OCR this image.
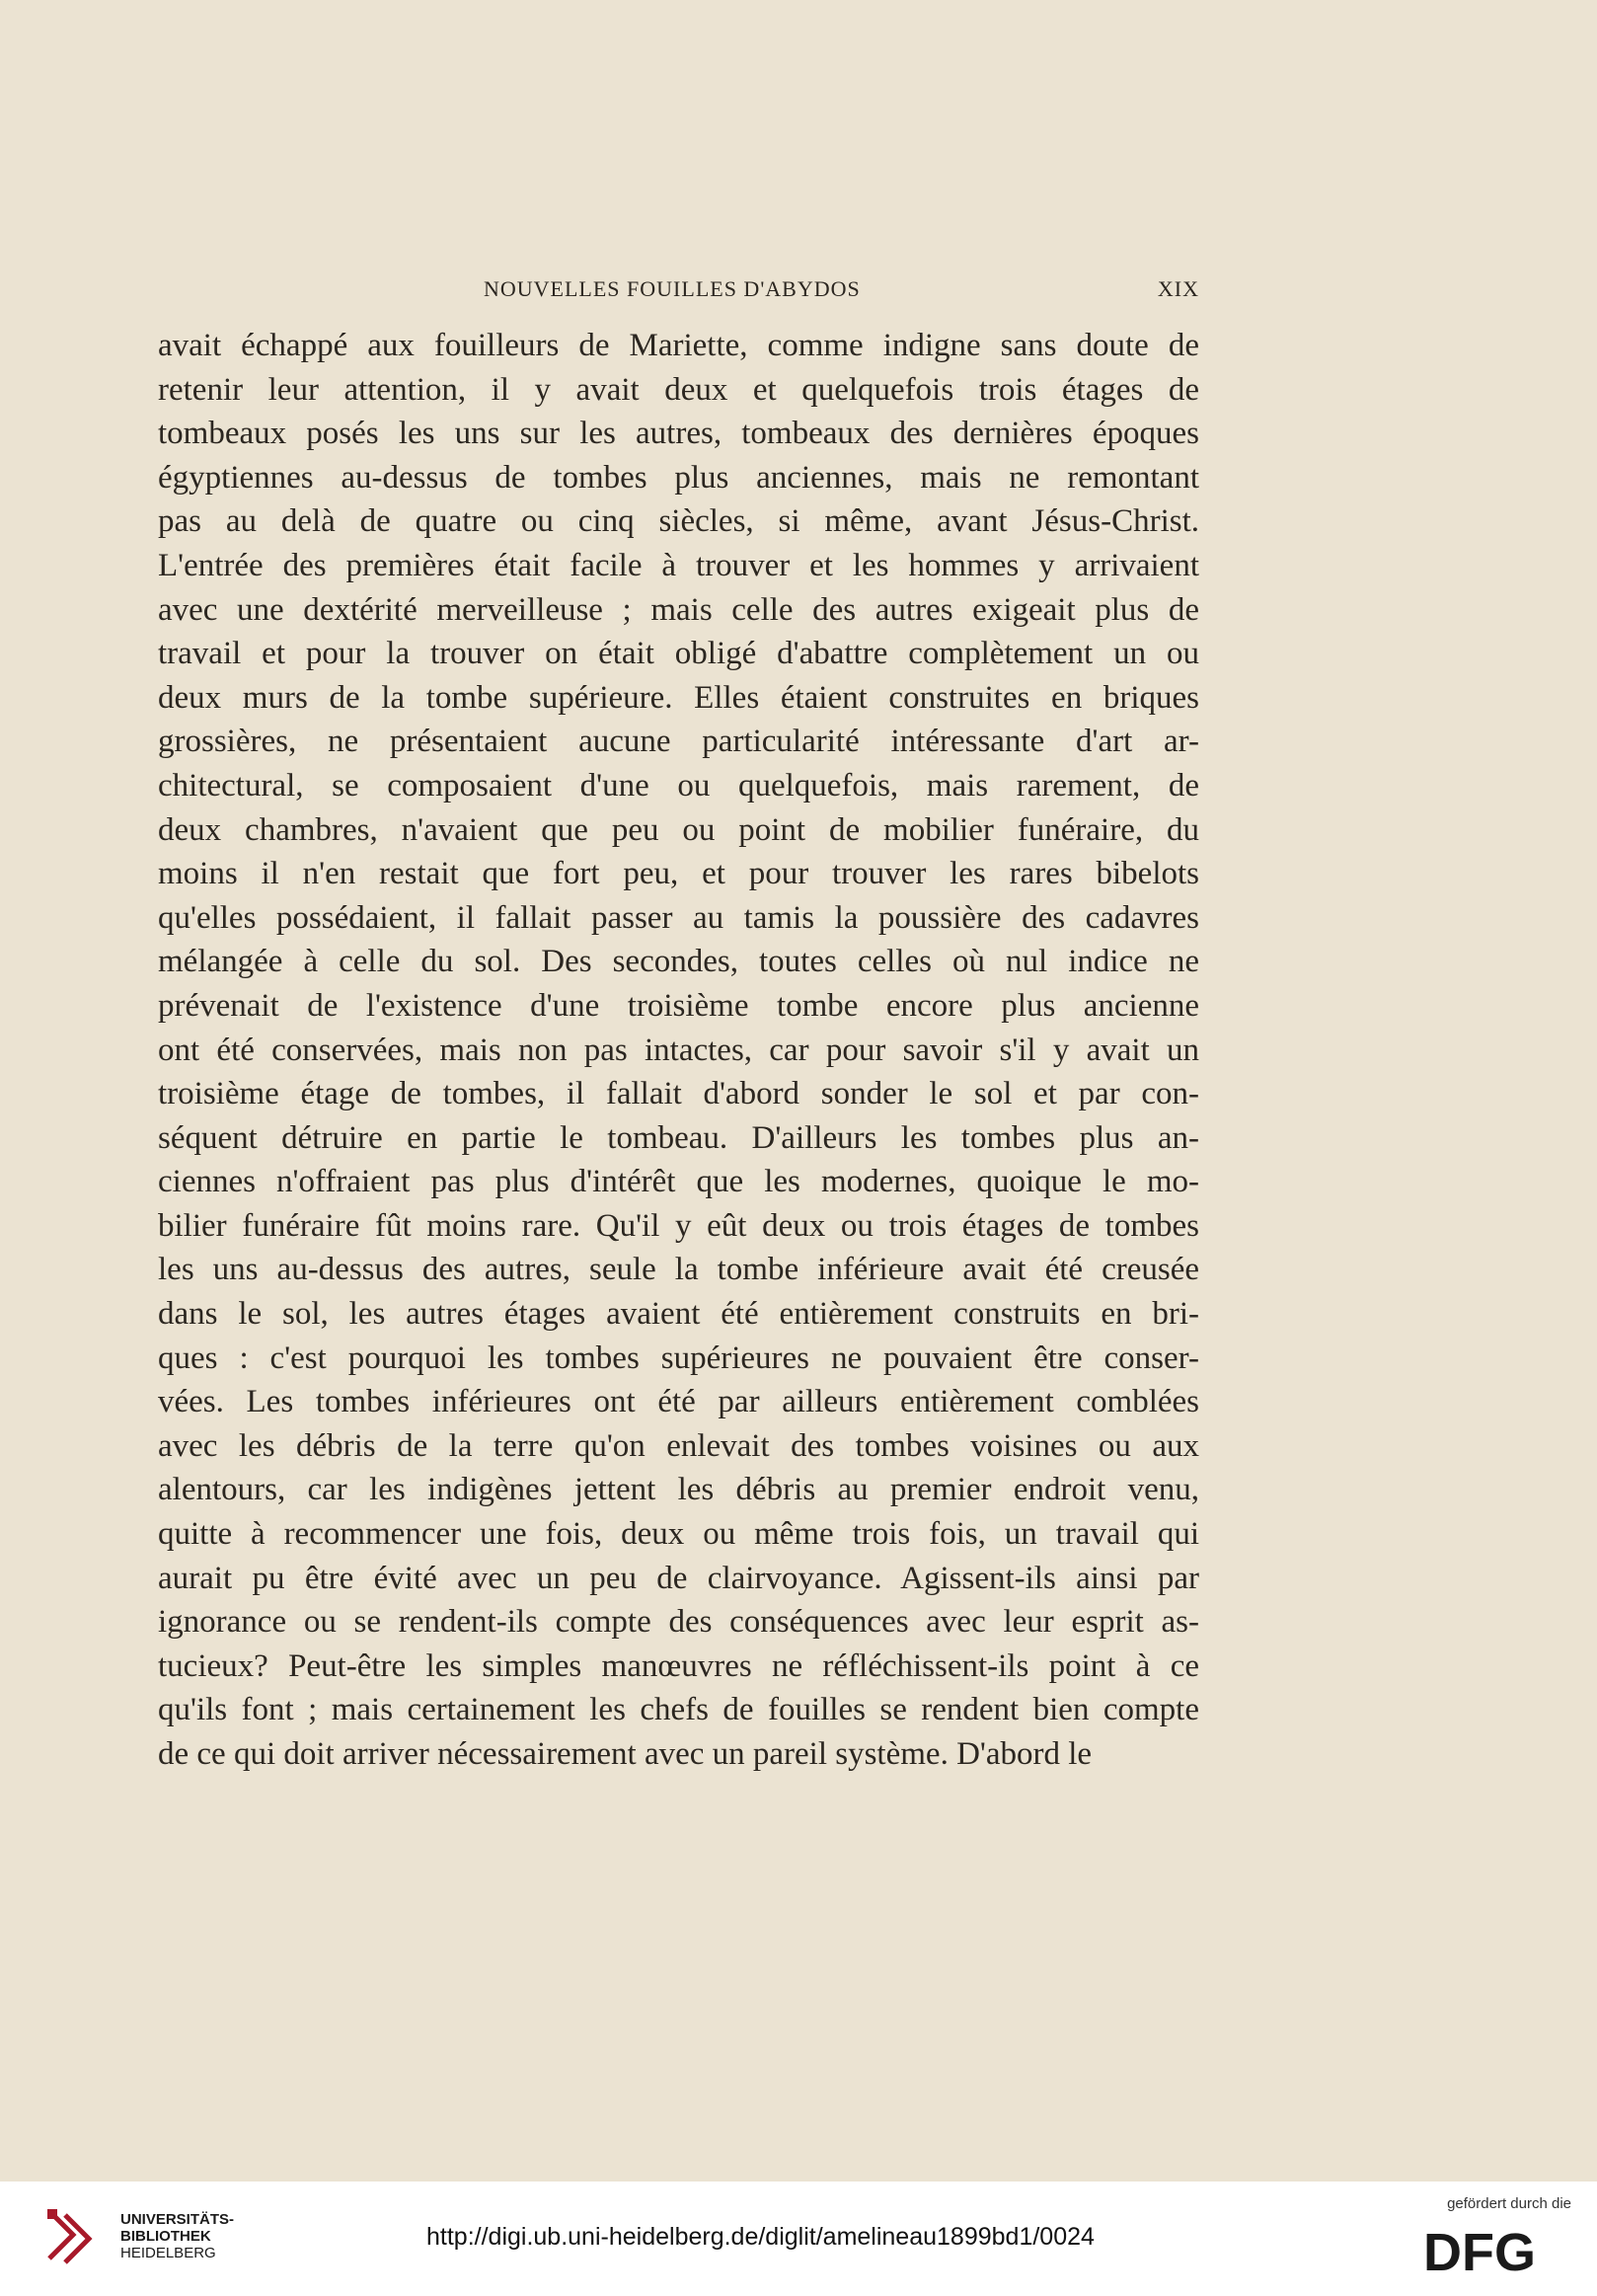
NOUVELLES FOUILLES D'ABYDOS	XIX
avait échappé aux fouilleurs de Mariette, comme indigne sans doute de
retenir leur attention, il y avait deux et quelquefois trois étages de
tombeaux posés les uns sur les autres, tombeaux des dernières époques
égyptiennes au-dessus de tombes plus anciennes, mais ne remontant
pas au delà de quatre ou cinq siècles, si même, avant Jésus-Christ.
L'entrée des premières était facile à trouver et les hommes y arrivaient
avec une dextérité merveilleuse ; mais celle des autres exigeait plus de
travail et pour la trouver on était obligé d'abattre complètement un ou
deux murs de la tombe supérieure. Elles étaient construites en briques
grossières, ne présentaient aucune particularité intéressante d'art ar-
chitectural, se composaient d'une ou quelquefois, mais rarement, de
deux chambres, n'avaient que peu ou point de mobilier funéraire, du
moins il n'en restait que fort peu, et pour trouver les rares bibelots
qu'elles possédaient, il fallait passer au tamis la poussière des cadavres
mélangée à celle du sol. Des secondes, toutes celles où nul indice ne
prévenait de l'existence d'une troisième tombe encore plus ancienne
ont été conservées, mais non pas intactes, car pour savoir s'il y avait un
troisième étage de tombes, il fallait d'abord sonder le sol et par con-
séquent détruire en partie le tombeau. D'ailleurs les tombes plus an-
ciennes n'offraient pas plus d'intérêt que les modernes, quoique le mo-
bilier funéraire fût moins rare. Qu'il y eût deux ou trois étages de tombes
les uns au-dessus des autres, seule la tombe inférieure avait été creusée
dans le sol, les autres étages avaient été entièrement construits en bri-
ques : c'est pourquoi les tombes supérieures ne pouvaient être conser-
vées. Les tombes inférieures ont été par ailleurs entièrement comblées
avec les débris de la terre qu'on enlevait des tombes voisines ou aux
alentours, car les indigènes jettent les débris au premier endroit venu,
quitte à recommencer une fois, deux ou même trois fois, un travail qui
aurait pu être évité avec un peu de clairvoyance. Agissent-ils ainsi par
ignorance ou se rendent-ils compte des conséquences avec leur esprit as-
tucieux? Peut-être les simples manœuvres ne réfléchissent-ils point à ce
qu'ils font ; mais certainement les chefs de fouilles se rendent bien compte
de ce qui doit arriver nécessairement avec un pareil système. D'abord le
UNIVERSITÄTS-
BIBLIOTHEK
HEIDELBERG
http://digi.ub.uni-heidelberg.de/diglit/amelineau1899bd1/0024
gefördert durch die
DFG
